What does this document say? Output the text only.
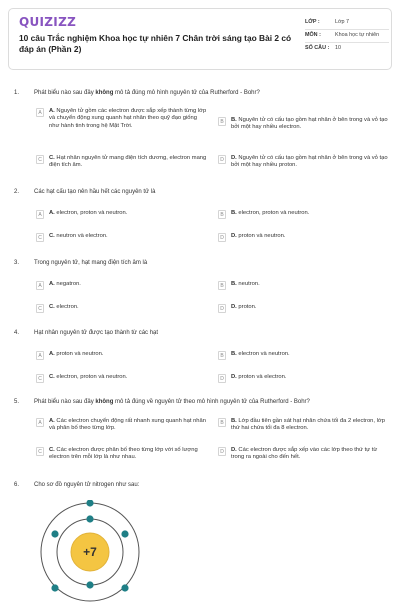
QUIZIZZ
10 câu Trắc nghiệm Khoa học tự nhiên 7 Chân trời sáng tạo Bài 2 có đáp án (Phần 2)
LỚP :	Lớp 7
MÔN :	Khoa học tự nhiên
SỐ CÂU :	10
1. Phát biểu nào sau đây không mô tả đúng mô hình nguyên tử của Rutherford - Bohr?
A	A. Nguyên tử gồm các electron được sắp xếp thành từng lớp và chuyển động xung quanh hạt nhân theo quỹ đạo giống như hành tinh trong hệ Mặt Trời.
B	B. Nguyên tử có cấu tạo gồm hạt nhân ở bên trong và vỏ tạo bởi một hay nhiều electron.
C	C. Hạt nhân nguyên tử mang điện tích dương, electron mang điện tích âm.
D	D. Nguyên tử có cấu tạo gồm hạt nhân ở bên trong và vỏ tạo bởi một hay nhiều proton.
2. Các hạt cấu tạo nên hầu hết các nguyên tử là
A	A. electron, proton và neutron.	B	B. electron, proton và neutron.
C	C. neutron và electron.	D	D. proton và neutron.
3. Trong nguyên tử, hạt mang điện tích âm là
A	A. negatron.	B	B. neutron.
C	C. electron.	D	D. proton.
4. Hạt nhân nguyên tử được tạo thành từ các hạt
A	A. proton và neutron.	B	B. electron và neutron.
C	C. electron, proton và neutron.	D	D. proton và electron.
5. Phát biểu nào sau đây không mô tả đúng về nguyên tử theo mô hình nguyên tử của Rutherford - Bohr?
A	A. Các electron chuyển động rất nhanh xung quanh hạt nhân và phân bố theo từng lớp.
B	B. Lớp đầu tiên gần sát hạt nhân chứa tối đa 2 electron, lớp thứ hai chứa tối đa 8 electron.
C	C. Các electron được phân bố theo từng lớp với số lượng electron trên mỗi lớp là như nhau.
D	D. Các electron được sắp xếp vào các lớp theo thứ tự từ trong ra ngoài cho đến hết.
6. Cho sơ đồ nguyên tử nitrogen như sau:
+7
